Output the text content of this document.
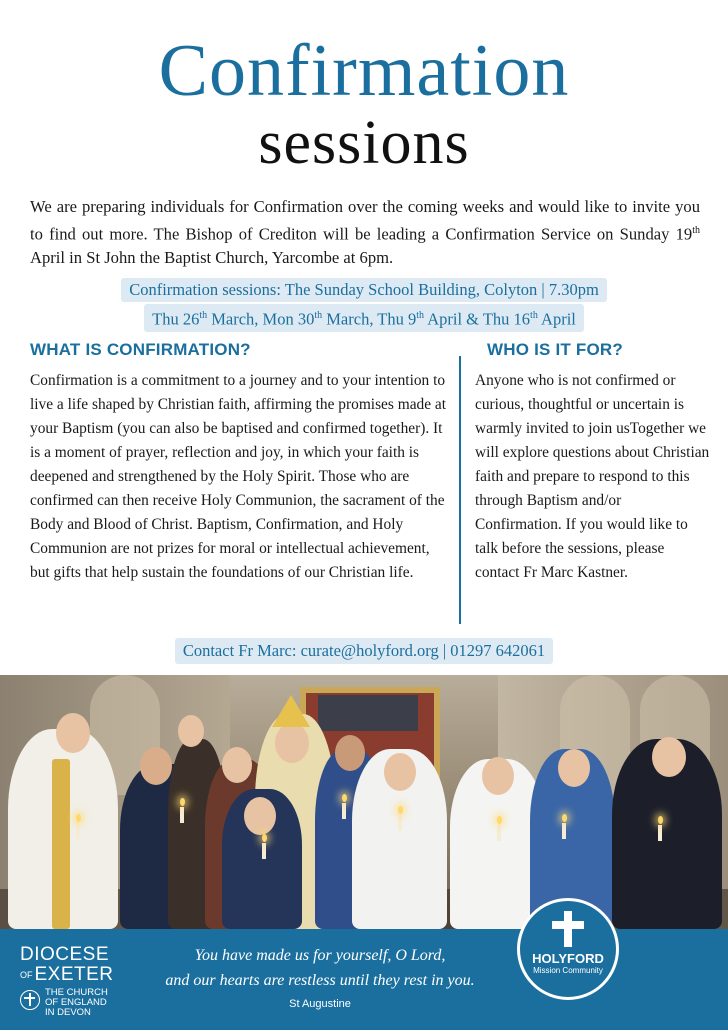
Confirmation
sessions

We are preparing individuals for Confirmation over the coming weeks and would like to invite you to find out more. The Bishop of Crediton will be leading a Confirmation Service on Sunday 19th April in St John the Baptist Church, Yarcombe at 6pm.

Confirmation sessions: The Sunday School Building, Colyton | 7.30pm
Thu 26th March, Mon 30th March, Thu 9th April & Thu 16th April
WHAT IS CONFIRMATION?	WHO IS IT FOR?

Confirmation is a commitment to a journey and to your intention to live a life shaped by Christian faith, affirming the promises made at your Baptism (you can also be baptised and confirmed together). It is a moment of prayer, reflection and joy, in which your faith is deepened and strengthened by the Holy Spirit. Those who are confirmed can then receive Holy Communion, the sacrament of the Body and Blood of Christ. Baptism, Confirmation, and Holy Communion are not prizes for moral or intellectual achievement, but gifts that help sustain the foundations of our Christian life.

Anyone who is not confirmed or curious, thoughtful or uncertain is warmly invited to join usTogether we will explore questions about Christian faith and prepare to respond to this through Baptism and/or Confirmation. If you would like to talk before the sessions, please contact Fr Marc Kastner.

Contact Fr Marc: curate@holyford.org | 01297 642061
DIOCESE
OF EXETER
THE CHURCH
OF ENGLAND
IN DEVON
You have made us for yourself, O Lord,
and our hearts are restless until they rest in you.
St Augustine
HOLYFORD
Mission Community
